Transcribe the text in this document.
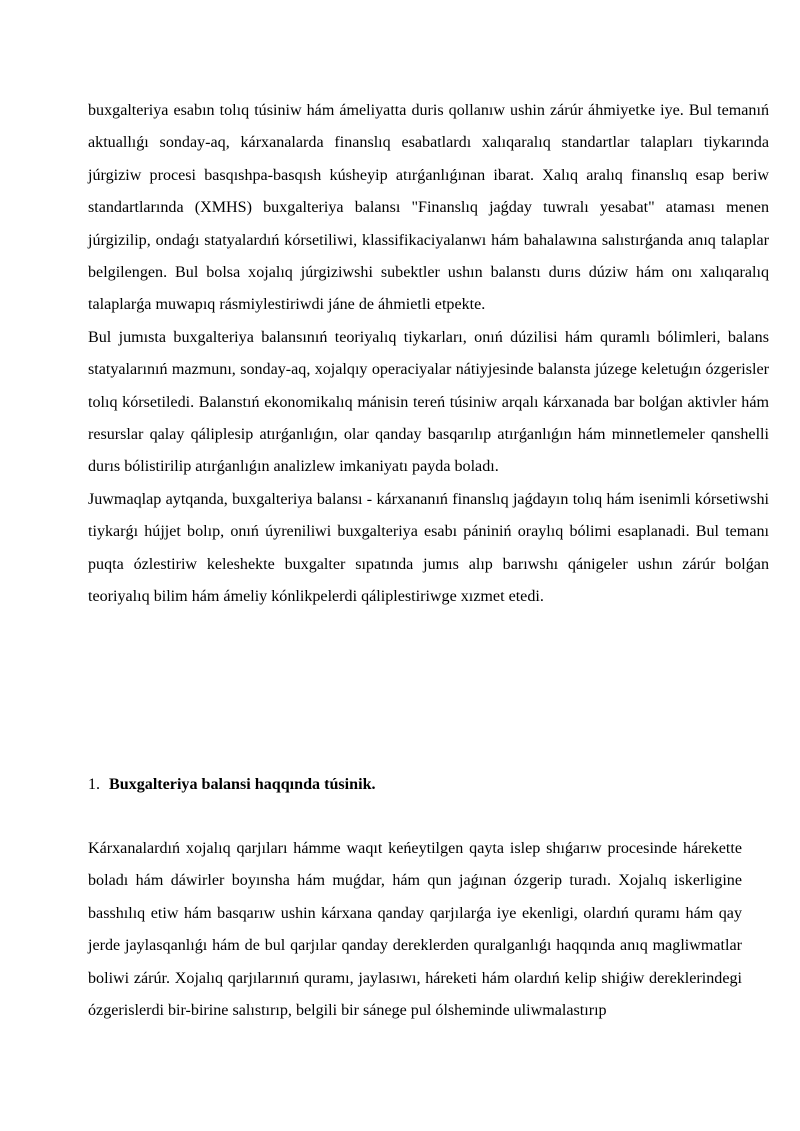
buxgalteriya esabın tolıq túsiniw hám ámeliyatta duris qollanıw ushin zárúr áhmiyetke iye. Bul temanıń aktuallıǵı sonday-aq, kárxanalarda finanslıq esabatlardı xalıqaralıq standartlar talapları tiykarında júrgiziw procesi basqıshpa-basqısh kúsheyip atırǵanlıǵınan ibarat. Xalıq aralıq finanslıq esap beriw standartlarında (XMHS) buxgalteriya balansı "Finanslıq jaǵday tuwralı yesabat" ataması menen júrgizilip, ondaǵı statyalardıń kórsetiliwi, klassifikaciyalanwı hám bahalawına salıstırǵanda anıq talaplar belgilengen. Bul bolsa xojalıq júrgiziwshi subektler ushın balanstı durıs dúziw hám onı xalıqaralıq talaplarǵa muwapıq rásmiylestiriwdi jáne de áhmietli etpekte.

Bul jumısta buxgalteriya balansınıń teoriyalıq tiykarları, onıń dúzilisi hám quramlı bólimleri, balans statyalarınıń mazmunı, sonday-aq, xojalqıy operaciyalar nátiyjesinde balansta júzege keletuǵın ózgerisler tolıq kórsetiledi. Balanstıń ekonomikalıq mánisin tereń túsiniw arqalı kárxanada bar bolǵan aktivler hám resurslar qalay qáliplesip atırǵanlıǵın, olar qanday basqarılıp atırǵanlıǵın hám minnetlemeler qanshelli durıs bólistirilip atırǵanlıǵın analizlew imkaniyatı payda boladı.

Juwmaqlap aytqanda, buxgalteriya balansı - kárxananıń finanslıq jaǵdayın tolıq hám isenimli kórsetiwshi tiykarǵı hújjet bolıp, onıń úyreniliwi buxgalteriya esabı pániniń oraylıq bólimi esaplanadi. Bul temanı puqta ózlestiriw keleshekte buxgalter sıpatında jumıs alıp barıwshı qánigeler ushın zárúr bolǵan teoriyalıq bilim hám ámeliy kónlikpelerdi qáliplestiriwge xızmet etedi.

1. Buxgalteriya balansi haqqında túsinik.

Kárxanalardıń xojalıq qarjıları hámme waqıt keńeytilgen qayta islep shıǵarıw procesinde hárekette boladı hám dáwirler boyınsha hám muǵdar, hám qun jaǵınan ózgerip turadı. Xojalıq iskerligine basshılıq etiw hám basqarıw ushin kárxana qanday qarjılarǵa iye ekenligi, olardıń quramı hám qay jerde jaylasqanlıǵı hám de bul qarjılar qanday dereklerden quralganlıǵı haqqında anıq magliwmatlar boliwi zárúr. Xojalıq qarjılarınıń quramı, jaylasıwı, háreketi hám olardıń kelip shiǵiw dereklerindegi ózgerislerdi bir-birine salıstırıp, belgili bir sánege pul ólsheminde uliwmalastırıp
